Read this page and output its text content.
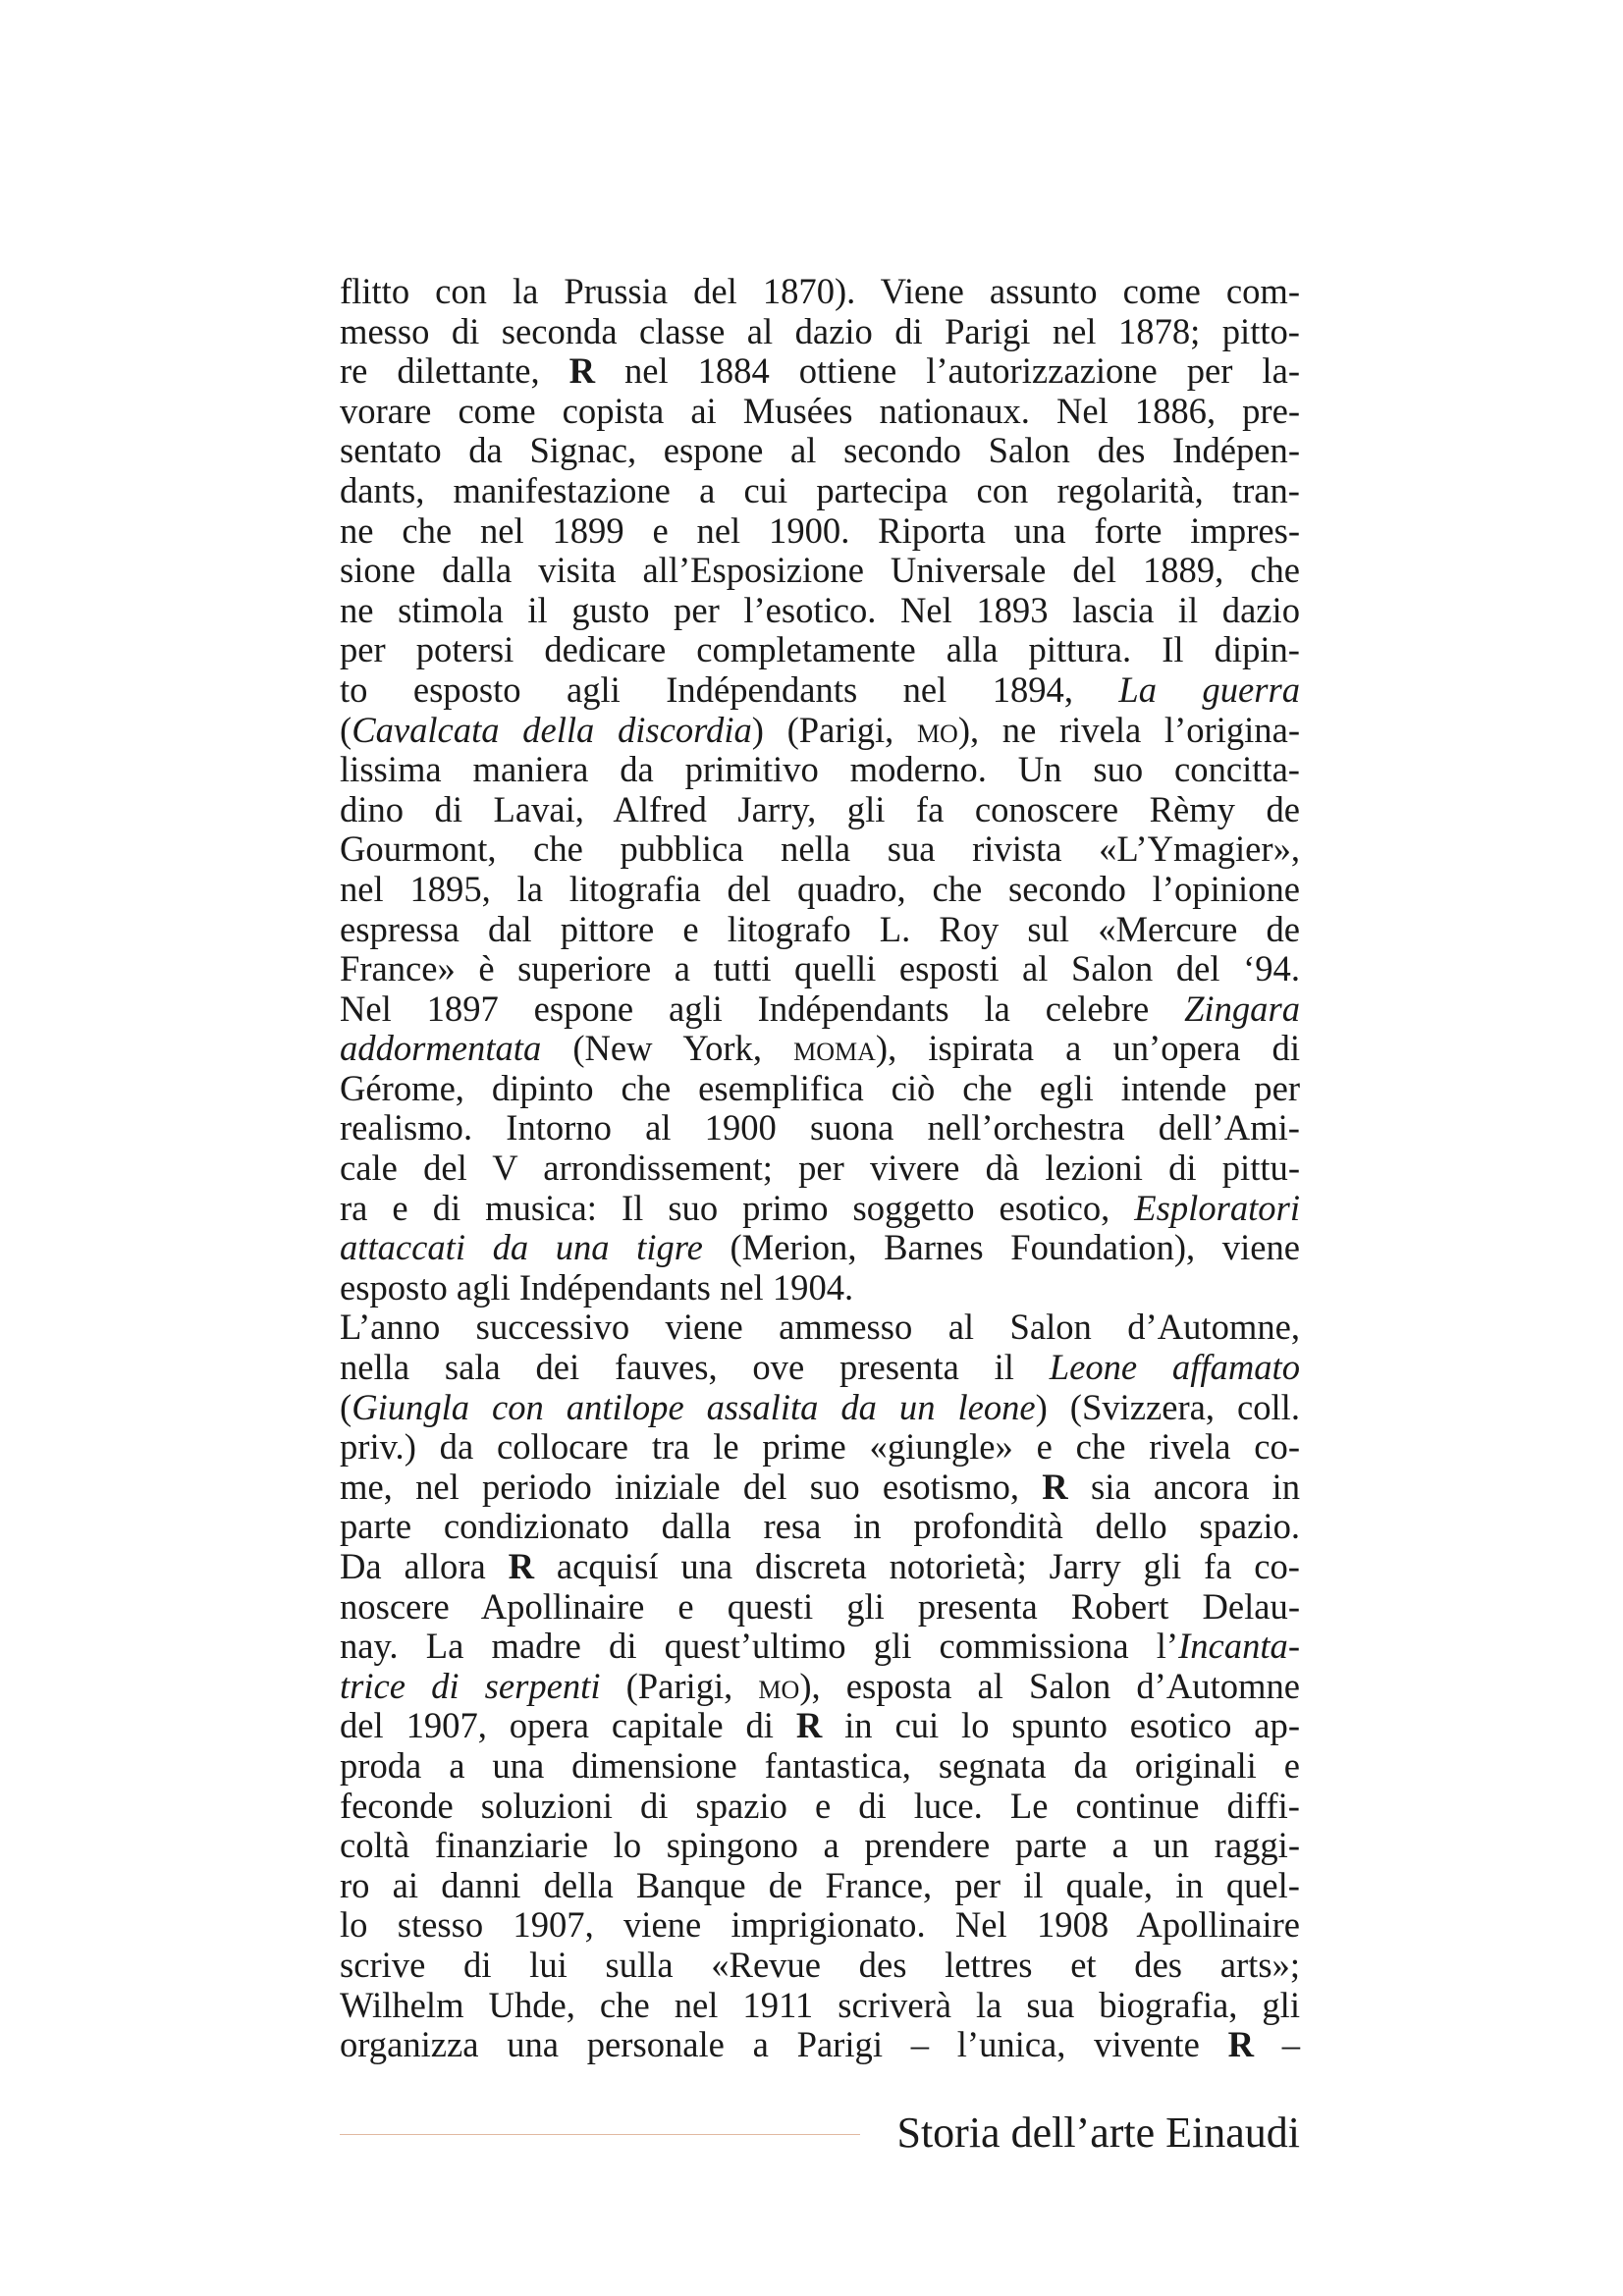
flitto con la Prussia del 1870). Viene assunto come com-
messo di seconda classe al dazio di Parigi nel 1878; pitto-
re dilettante, R nel 1884 ottiene l’autorizzazione per la-
vorare come copista ai Musées nationaux. Nel 1886, pre-
sentato da Signac, espone al secondo Salon des Indépen-
dants, manifestazione a cui partecipa con regolarità, tran-
ne che nel 1899 e nel 1900. Riporta una forte impres-
sione dalla visita all’Esposizione Universale del 1889, che
ne stimola il gusto per l’esotico. Nel 1893 lascia il dazio
per potersi dedicare completamente alla pittura. Il dipin-
to esposto agli Indépendants nel 1894, La guerra
(Cavalcata della discordia) (Parigi, mo), ne rivela l’origina-
lissima maniera da primitivo moderno. Un suo concitta-
dino di Lavai, Alfred Jarry, gli fa conoscere Rèmy de
Gourmont, che pubblica nella sua rivista «L’Ymagier»,
nel 1895, la litografia del quadro, che secondo l’opinione
espressa dal pittore e litografo L. Roy sul «Mercure de
France» è superiore a tutti quelli esposti al Salon del ‘94.
Nel 1897 espone agli Indépendants la celebre Zingara
addormentata (New York, moma), ispirata a un’opera di
Gérome, dipinto che esemplifica ciò che egli intende per
realismo. Intorno al 1900 suona nell’orchestra dell’Ami-
cale del V arrondissement; per vivere dà lezioni di pittu-
ra e di musica: Il suo primo soggetto esotico, Esploratori
attaccati da una tigre (Merion, Barnes Foundation), viene
esposto agli Indépendants nel 1904.
L’anno successivo viene ammesso al Salon d’Automne,
nella sala dei fauves, ove presenta il Leone affamato
(Giungla con antilope assalita da un leone) (Svizzera, coll.
priv.) da collocare tra le prime «giungle» e che rivela co-
me, nel periodo iniziale del suo esotismo, R sia ancora in
parte condizionato dalla resa in profondità dello spazio.
Da allora R acquisí una discreta notorietà; Jarry gli fa co-
noscere Apollinaire e questi gli presenta Robert Delau-
nay. La madre di quest’ultimo gli commissiona l’Incanta-
trice di serpenti (Parigi, mo), esposta al Salon d’Automne
del 1907, opera capitale di R in cui lo spunto esotico ap-
proda a una dimensione fantastica, segnata da originali e
feconde soluzioni di spazio e di luce. Le continue diffi-
coltà finanziarie lo spingono a prendere parte a un raggi-
ro ai danni della Banque de France, per il quale, in quel-
lo stesso 1907, viene imprigionato. Nel 1908 Apollinaire
scrive di lui sulla «Revue des lettres et des arts»;
Wilhelm Uhde, che nel 1911 scriverà la sua biografia, gli
organizza una personale a Parigi – l’unica, vivente R –
Storia dell’arte Einaudi
